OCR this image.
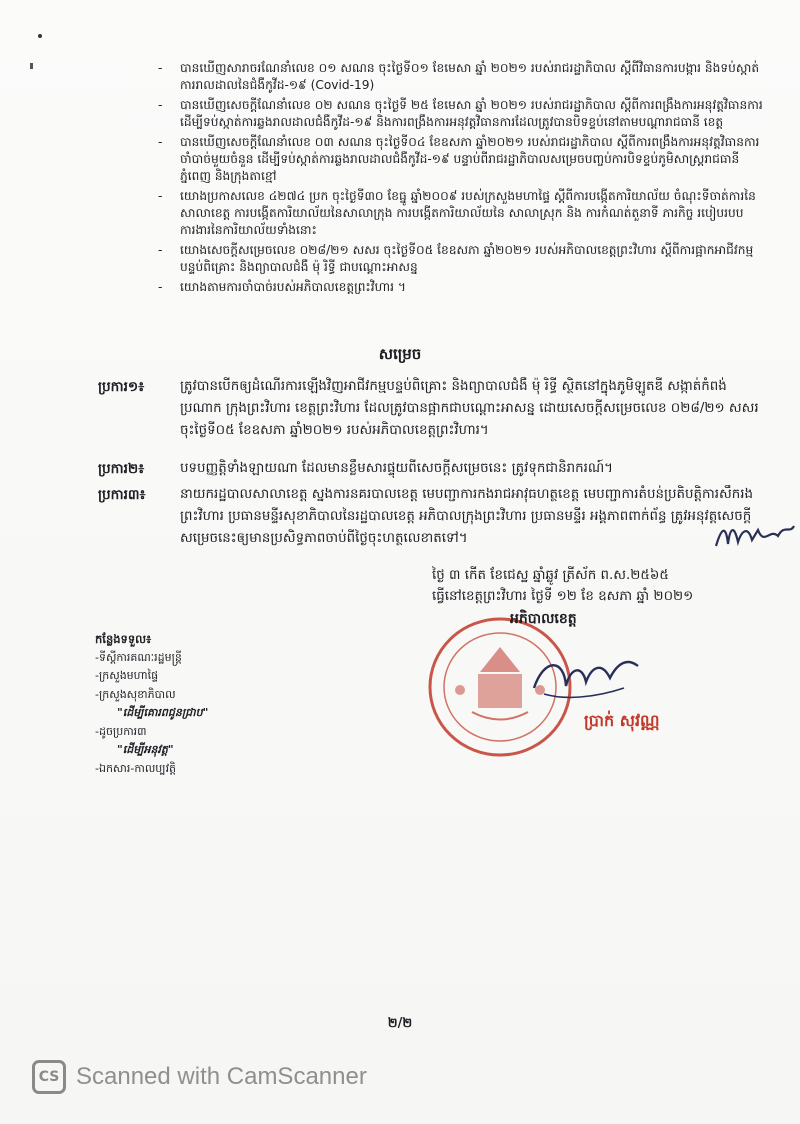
- បានឃើញសារាចរណែនាំលេខ ០១ សណន ចុះថ្ងៃទី០១ ខែមេសា ឆ្នាំ ២០២១ របស់រាជរដ្ឋាភិបាល ស្តីពីវិធានការបង្ការ និងទប់ស្កាត់ការរាលដាលនៃជំងឺកូវីដ-១៩ (Covid-19)
- បានឃើញសេចក្តីណែនាំលេខ ០២ សណន ចុះថ្ងៃទី ២៥ ខែមេសា ឆ្នាំ ២០២១ របស់រាជរដ្ឋាភិបាល ស្តីពីការពង្រឹងការអនុវត្តវិធានការដើម្បីទប់ស្កាត់ការឆ្លងរាលដាលជំងឺកូវីដ-១៩ និងការពង្រឹងការអនុវត្តវិធានការដែលត្រូវបានបិទខ្ទប់នៅតាមបណ្តារាជធានី ខេត្ត
- បានឃើញសេចក្តីណែនាំលេខ ០៣ សណន ចុះថ្ងៃទី០៤ ខែឧសភា ឆ្នាំ២០២១ របស់រាជរដ្ឋាភិបាល ស្តីពីការពង្រឹងការអនុវត្តវិធានការចាំបាច់មួយចំនួន ដើម្បីទប់ស្កាត់ការឆ្លងរាលដាលជំងឺកូវីដ-១៩ បន្ទាប់ពីរាជរដ្ឋាភិបាលសម្រេចបញ្ចប់ការបិទខ្ទប់ភូមិសាស្រ្តរាជធានីភ្នំពេញ និងក្រុងតាខ្មៅ
- យោងប្រកាសលេខ ៤២៧៤ ប្រក ចុះថ្ងៃទី៣០ ខែធ្នូ ឆ្នាំ២០០៩ របស់ក្រសួងមហាផ្ទៃ ស្តីពីការបង្កើតការិយាល័យ ចំណុះទីចាត់ការនៃសាលាខេត្ត ការបង្កើតការិយាល័យនៃសាលាក្រុង ការបង្កើតការិយាល័យនៃ សាលាស្រុក និង ការកំណត់តួនាទី ភារកិច្ច របៀបរបបការងារនៃការិយាល័យទាំងនោះ
- យោងសេចក្តីសម្រេចលេខ ០២៨/២១ សសរ ចុះថ្ងៃទី០៥ ខែឧសភា ឆ្នាំ២០២១ របស់អភិបាលខេត្តព្រះវិហារ ស្តីពីការផ្អាកអាជីវកម្មបន្ទប់ពិគ្រោះ និងព្យាបាលជំងឺ ម៉ុ រិទ្ធី ជាបណ្តោះអាសន្ន
- យោងតាមការចាំបាច់របស់អភិបាលខេត្តព្រះវិហារ ។
សម្រេច
ប្រការ១៖	ត្រូវបានបើកឲ្យដំណើរការឡើងវិញអាជីវកម្មបន្ទប់ពិគ្រោះ និងព្យាបាលជំងឺ ម៉ុ រិទ្ធី ស្ថិតនៅក្នុងភូមិឡូតឌី សង្កាត់កំពង់ប្រណាក ក្រុងព្រះវិហារ ខេត្តព្រះវិហារ ដែលត្រូវបានផ្អាកជាបណ្តោះអាសន្ន ដោយសេចក្តីសម្រេចលេខ ០២៨/២១ សសរ ចុះថ្ងៃទី០៥ ខែឧសភា ឆ្នាំ២០២១ របស់អភិបាលខេត្តព្រះវិហារ។
ប្រការ២៖	បទបញ្ញត្តិទាំងឡាយណា ដែលមានខ្លឹមសារផ្ទុយពីសេចក្តីសម្រេចនេះ ត្រូវទុកជានិរាករណ៍។
ប្រការ៣៖	នាយករដ្ឋបាលសាលាខេត្ត ស្នងការនគរបាលខេត្ត មេបញ្ជាការកងរាជអាវុធហត្ថខេត្ត មេបញ្ជាការតំបន់ប្រតិបត្តិការសឹករងព្រះវិហារ ប្រធានមន្ទីរសុខាភិបាលនៃរដ្ឋបាលខេត្ត អភិបាលក្រុងព្រះវិហារ ប្រធានមន្ទីរ អង្គភាពពាក់ព័ន្ធ ត្រូវអនុវត្តសេចក្តីសម្រេចនេះឲ្យមានប្រសិទ្ធភាពចាប់ពីថ្ងៃចុះហត្ថលេខាតទៅ។
ថ្ងៃ ៣ កើត ខែជេស្ឋ ឆ្នាំឆ្លូវ ត្រីស័ក ព.ស.២៥៦៥
ធ្វើនៅខេត្តព្រះវិហារ ថ្ងៃទី ១២ ខែ ឧសភា ឆ្នាំ ២០២១
អភិបាលខេត្ត
ប្រាក់ សុវណ្ណ
កន្លែងទទួល៖
-ទីស្តីការគណៈរដ្ឋមន្ត្រី
-ក្រសួងមហាផ្ទៃ
-ក្រសួងសុខាភិបាល
"ដើម្បីគោរពជូនជ្រាប"
-ដូចប្រការ៣
"ដើម្បីអនុវត្ត"
-ឯកសារ-កាលប្បវត្តិ
២/២
CS Scanned with CamScanner
